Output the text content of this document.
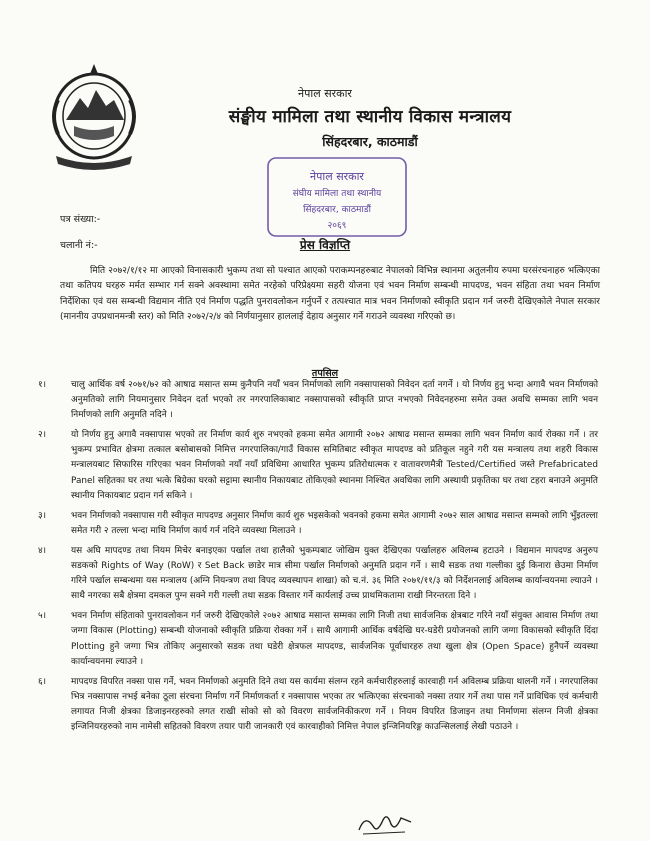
नेपाल सरकार
संङ्घीय मामिला तथा स्थानीय विकास मन्त्रालय
सिंहदरबार, काठमाडौं
नेपाल सरकार
संघीय मामिला तथा स्थानीय
सिंहदरबार, काठमाडौं
२०६९
पत्र संख्या:-
चलानी नं:-	प्रेस विज्ञप्ति

मिति २०७२/१/१२ मा आएको विनासकारी भुकम्प तथा सो पश्चात आएको पराकम्पनहरुबाट नेपालको विभिन्न स्थानमा अतुलनीय रुपमा घरसंरचनाहरु भत्किएका तथा कतिपय घरहरु मर्मत सम्भार गर्न सक्ने अवस्थामा समेत नरहेको परिप्रेक्ष्यमा सहरी योजना एवं भवन निर्माण सम्बन्धी मापदण्ड, भवन संहिता तथा भवन निर्माण निर्देशिका एवं यस सम्बन्धी विद्यमान नीति एवं निर्माण पद्धति पुनरावलोकन गर्नुपर्ने र तत्पश्चात मात्र भवन निर्माणको स्वीकृति प्रदान गर्न जरुरी देखिएकोले नेपाल सरकार (माननीय उपप्रधानमन्त्री स्तर) को मिति २०७२/२/४ को निर्णयानुसार हाललाई देहाय अनुसार गर्ने गराउने व्यवस्था गरिएको छ।

तपसिल
१।	चालु आर्थिक वर्ष २०७१/७२ को आषाढ मसान्त सम्म कुनैपनि नयाँ भवन निर्माणको लागि नक्सापासको निवेदन दर्ता नगर्ने । यो निर्णय हुनु भन्दा अगावै भवन निर्माणको अनुमतिको लागि नियमानुसार निवेदन दर्ता भएको तर नगरपालिकाबाट नक्सापासको स्वीकृति प्राप्त नभएको निवेदनहरुमा समेत उक्त अवधि सम्मका लागि भवन निर्माणको लागि अनुमति नदिने ।
२।	यो निर्णय हुनु अगावै नक्सापास भएको तर निर्माण कार्य शुरु नभएको हकमा समेत आगामी २०७२ आषाढ मसान्त सम्मका लागि भवन निर्माण कार्य रोक्का गर्ने । तर भुकम्प प्रभावित क्षेत्रमा तत्काल बसोबासको निमित्त नगरपालिका/गाउँ विकास समितिबाट स्वीकृत मापदण्ड को प्रतिकूल नहुने गरी यस मन्त्रालय तथा शहरी विकास मन्त्रालयबाट सिफारिस गरिएका भवन निर्माणको नयाँ नयाँ प्रविधिमा आधारित भुकम्प प्रतिरोधात्मक र वातावरणमैत्री Tested/Certified जस्ते Prefabricated Panel सहितका घर तथा भत्के बिग्रेका घरको सट्टामा स्थानीय निकायबाट तोकिएको स्थानमा निश्चित अवधिका लागि अस्थायी प्रकृतिका घर तथा टहरा बनाउने अनुमति स्थानीय निकायबाट प्रदान गर्न सकिने ।
३।	भवन निर्माणको नक्सापास गरी स्वीकृत मापदण्ड अनुसार निर्माण कार्य शुरु भइसकेको भवनको हकमा समेत आगामी २०७२ साल आषाढ मसान्त सम्मको लागि भुँइतल्ला समेत गरी २ तल्ला भन्दा माथि निर्माण कार्य गर्न नदिने व्यवस्था मिलाउने ।
४।	यस अघि मापदण्ड तथा नियम मिचेर बनाइएका पर्खाल तथा हालैको भुकम्पबाट जोखिम युक्त देखिएका पर्खालहरु अविलम्ब हटाउने । विद्यमान मापदण्ड अनुरुप सडकको Rights of Way (RoW) र Set Back छाडेर मात्र सीमा पर्खाल निर्माणको अनुमति प्रदान गर्ने । साथै सडक तथा गल्लीका दुई किनारा छेउमा निर्माण गरिने पर्खाल सम्बन्धमा यस मन्त्रालय (अग्नि नियन्त्रण तथा विपद व्यवस्थापन शाखा) को च.नं. ३६ मिति २०७१/११/३ को निर्देशनलाई अविलम्ब कार्यान्वयनमा ल्याउने । साथै नगरका सबै क्षेत्रमा दमकल पुग्न सक्ने गरी गल्ली तथा सडक विस्तार गर्ने कार्यलाई उच्च प्राथमिकतामा राखी निरन्तरता दिने ।
५।	भवन निर्माण संहिताको पुनरावलोकन गर्न जरुरी देखिएकोले २०७२ आषाढ मसान्त सम्मका लागि निजी तथा सार्वजनिक क्षेत्रबाट गरिने नयाँ संयुक्त आवास निर्माण तथा जग्गा विकास (Plotting) सम्बन्धी योजनाको स्वीकृति प्रक्रिया रोक्का गर्ने । साथै आगामी आर्थिक वर्षदेखि घर-घडेरी प्रयोजनको लागि जग्गा विकासको स्वीकृति दिंदा Plotting हुने जग्गा भित्र तोकिए अनुसारको सडक तथा घडेरी क्षेत्रफल मापदण्ड, सार्वजनिक पूर्वाधारहरु तथा खुला क्षेत्र (Open Space) हुनैपर्ने व्यवस्था कार्यान्वयनमा ल्याउने ।
६।	मापदण्ड विपरित नक्सा पास गर्ने, भवन निर्माणको अनुमति दिने तथा यस कार्यमा संलग्न रहने कर्मचारीहरुलाई कारवाही गर्न अविलम्ब प्रक्रिया थालनी गर्ने । नगरपालिका भित्र नक्सापास नभई बनेका ठूला संरचना निर्माण गर्ने निर्माणकर्ता र नक्सापास भएका तर भत्किएका संरचनाको नक्सा तयार गर्ने तथा पास गर्ने प्राविधिक एवं कर्मचारी लगायत निजी क्षेत्रका डिजाइनरहरुको लगत राखी सोको सो को विवरण सार्वजनिकीकरण गर्ने । नियम विपरित डिजाइन तथा निर्माणमा संलग्न निजी क्षेत्रका इन्जिनियरहरुको नाम नामेसी सहितको विवरण तयार पारी जानकारी एवं कारवाहीको निमित्त नेपाल इन्जिनियरिङ्ग काउन्सिललाई लेखी पठाउने ।
